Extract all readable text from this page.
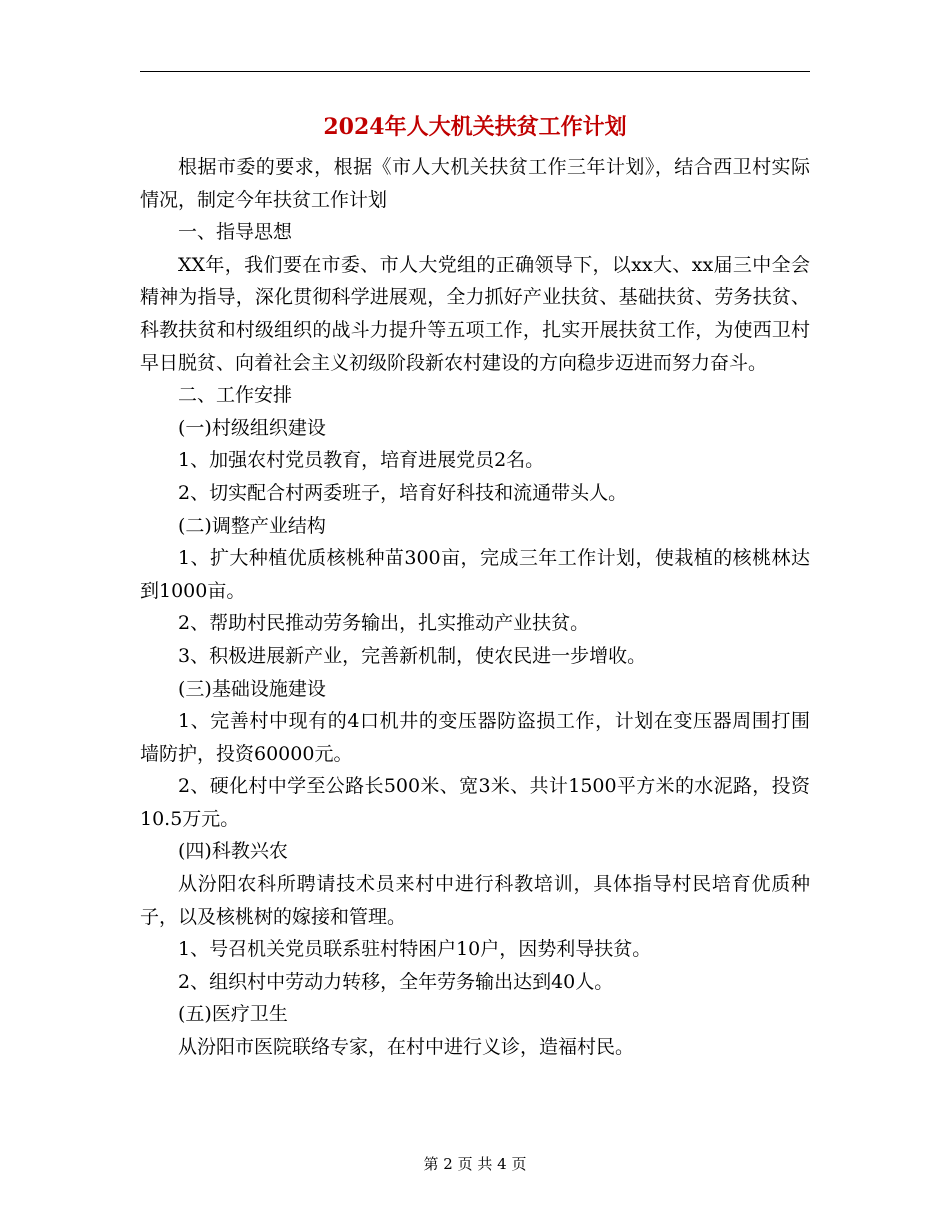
2024年人大机关扶贫工作计划

根据市委的要求，根据《市人大机关扶贫工作三年计划》，结合西卫村实际情况，制定今年扶贫工作计划

一、指导思想

XX年，我们要在市委、市人大党组的正确领导下，以xx大、xx届三中全会精神为指导，深化贯彻科学进展观，全力抓好产业扶贫、基础扶贫、劳务扶贫、科教扶贫和村级组织的战斗力提升等五项工作，扎实开展扶贫工作，为使西卫村早日脱贫、向着社会主义初级阶段新农村建设的方向稳步迈进而努力奋斗。

二、工作安排

(一)村级组织建设

1、加强农村党员教育，培育进展党员2名。

2、切实配合村两委班子，培育好科技和流通带头人。

(二)调整产业结构

1、扩大种植优质核桃种苗300亩，完成三年工作计划，使栽植的核桃林达到1000亩。

2、帮助村民推动劳务输出，扎实推动产业扶贫。

3、积极进展新产业，完善新机制，使农民进一步增收。

(三)基础设施建设

1、完善村中现有的4口机井的变压器防盗损工作，计划在变压器周围打围墙防护，投资60000元。

2、硬化村中学至公路长500米、宽3米、共计1500平方米的水泥路，投资10.5万元。

(四)科教兴农

从汾阳农科所聘请技术员来村中进行科教培训，具体指导村民培育优质种子，以及核桃树的嫁接和管理。

1、号召机关党员联系驻村特困户10户，因势利导扶贫。

2、组织村中劳动力转移，全年劳务输出达到40人。

(五)医疗卫生

从汾阳市医院联络专家，在村中进行义诊，造福村民。

第 2 页 共 4 页
